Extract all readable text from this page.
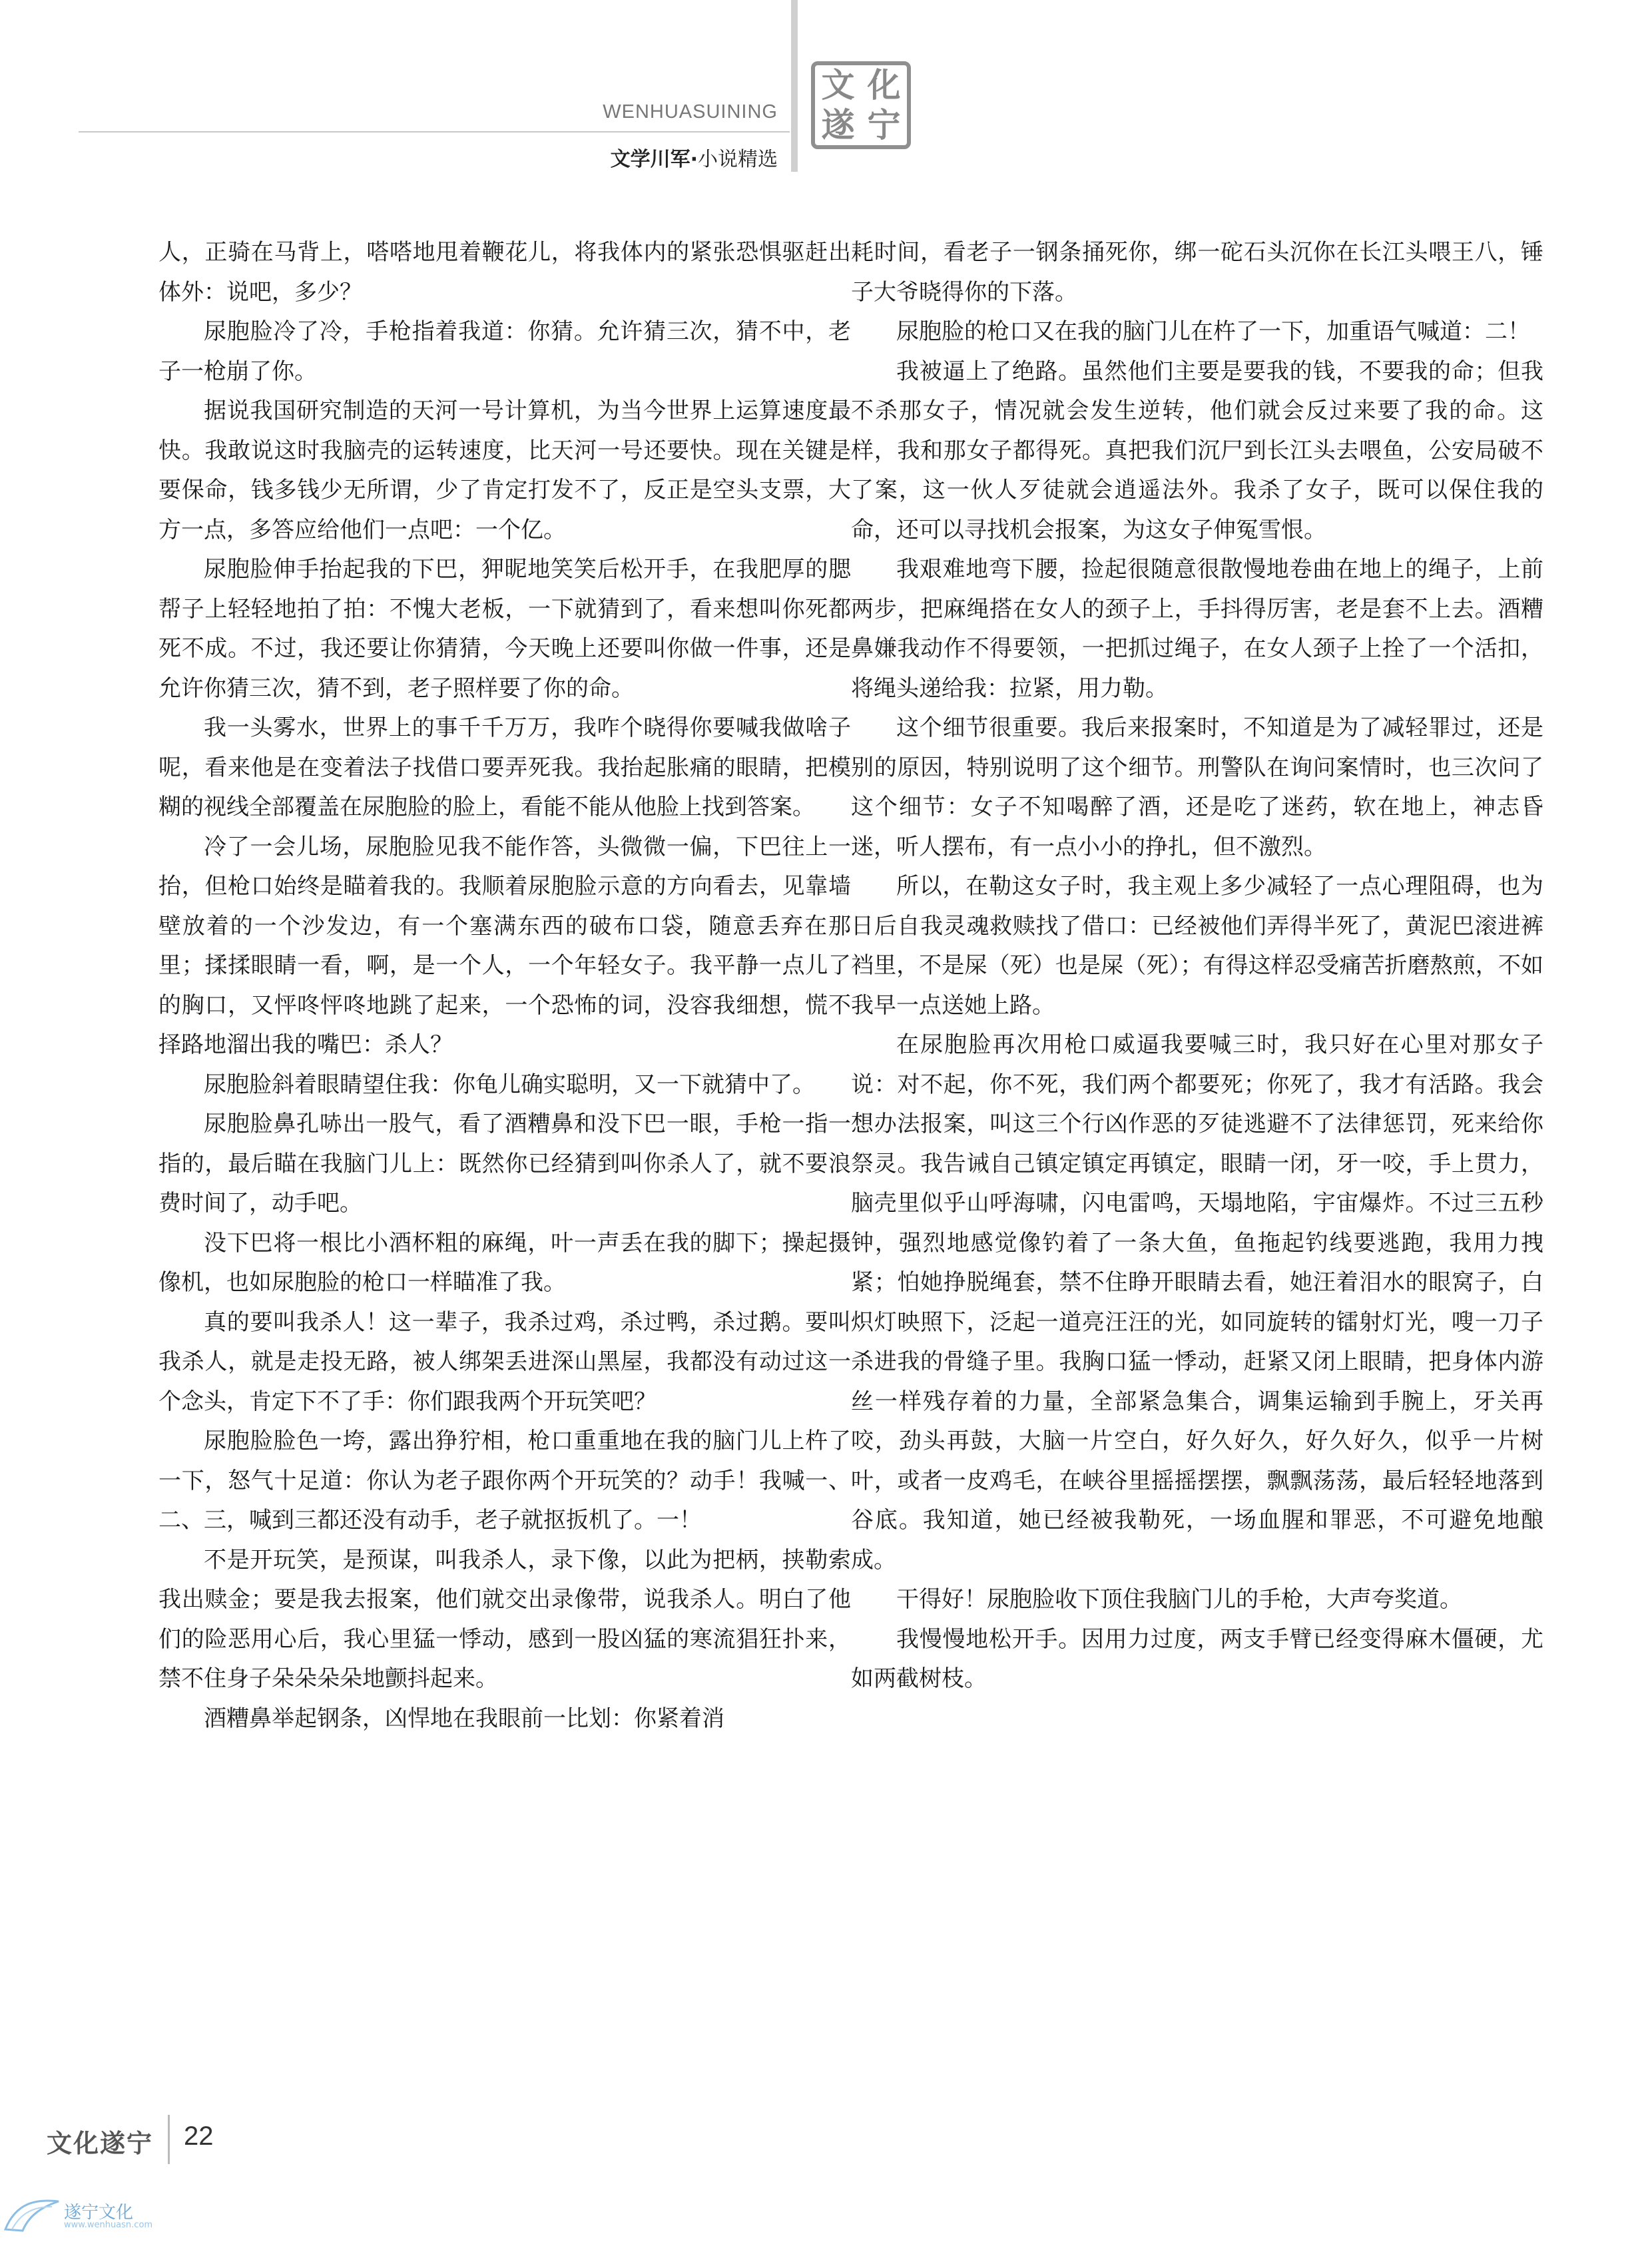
WENHUASUINING
文学川军·小说精选
文 化
遂 宁

人，正骑在马背上，嗒嗒地甩着鞭花儿，将我体内的紧张恐惧驱赶出体外：说吧，多少？

尿胞脸冷了冷，手枪指着我道：你猜。允许猜三次，猜不中，老子一枪崩了你。

据说我国研究制造的天河一号计算机，为当今世界上运算速度最快。我敢说这时我脑壳的运转速度，比天河一号还要快。现在关键是要保命，钱多钱少无所谓，少了肯定打发不了，反正是空头支票，大方一点，多答应给他们一点吧：一个亿。

尿胞脸伸手抬起我的下巴，狎昵地笑笑后松开手，在我肥厚的腮帮子上轻轻地拍了拍：不愧大老板，一下就猜到了，看来想叫你死都死不成。不过，我还要让你猜猜，今天晚上还要叫你做一件事，还是允许你猜三次，猜不到，老子照样要了你的命。

我一头雾水，世界上的事千千万万，我咋个晓得你要喊我做啥子呢，看来他是在变着法子找借口要弄死我。我抬起胀痛的眼睛，把模糊的视线全部覆盖在尿胞脸的脸上，看能不能从他脸上找到答案。

冷了一会儿场，尿胞脸见我不能作答，头微微一偏，下巴往上一抬，但枪口始终是瞄着我的。我顺着尿胞脸示意的方向看去，见靠墙壁放着的一个沙发边，有一个塞满东西的破布口袋，随意丢弃在那里；揉揉眼睛一看，啊，是一个人，一个年轻女子。我平静一点儿了的胸口，又怦咚怦咚地跳了起来，一个恐怖的词，没容我细想，慌不择路地溜出我的嘴巴：杀人？

尿胞脸斜着眼睛望住我：你龟儿确实聪明，又一下就猜中了。

尿胞脸鼻孔哧出一股气，看了酒糟鼻和没下巴一眼，手枪一指一指的，最后瞄在我脑门儿上：既然你已经猜到叫你杀人了，就不要浪费时间了，动手吧。

没下巴将一根比小酒杯粗的麻绳，叶一声丢在我的脚下；操起摄像机，也如尿胞脸的枪口一样瞄准了我。

真的要叫我杀人！这一辈子，我杀过鸡，杀过鸭，杀过鹅。要叫我杀人，就是走投无路，被人绑架丢进深山黑屋，我都没有动过这一个念头，肯定下不了手：你们跟我两个开玩笑吧？

尿胞脸脸色一垮，露出狰狞相，枪口重重地在我的脑门儿上杵了一下，怒气十足道：你认为老子跟你两个开玩笑的？动手！我喊一、二、三，喊到三都还没有动手，老子就抠扳机了。一！

不是开玩笑，是预谋，叫我杀人，录下像，以此为把柄，挟勒索我出赎金；要是我去报案，他们就交出录像带，说我杀人。明白了他们的险恶用心后，我心里猛一悸动，感到一股凶猛的寒流猖狂扑来，禁不住身子朵朵朵朵地颤抖起来。

酒糟鼻举起钢条，凶悍地在我眼前一比划：你紧着消

耗时间，看老子一钢条捅死你，绑一砣石头沉你在长江头喂王八，锤子大爷晓得你的下落。

尿胞脸的枪口又在我的脑门儿在杵了一下，加重语气喊道：二！

我被逼上了绝路。虽然他们主要是要我的钱，不要我的命；但我不杀那女子，情况就会发生逆转，他们就会反过来要了我的命。这样，我和那女子都得死。真把我们沉尸到长江头去喂鱼，公安局破不了案，这一伙人歹徒就会逍遥法外。我杀了女子，既可以保住我的命，还可以寻找机会报案，为这女子伸冤雪恨。

我艰难地弯下腰，捡起很随意很散慢地卷曲在地上的绳子，上前两步，把麻绳搭在女人的颈子上，手抖得厉害，老是套不上去。酒糟鼻嫌我动作不得要领，一把抓过绳子，在女人颈子上拴了一个活扣，将绳头递给我：拉紧，用力勒。

这个细节很重要。我后来报案时，不知道是为了减轻罪过，还是别的原因，特别说明了这个细节。刑警队在询问案情时，也三次问了这个细节：女子不知喝醉了酒，还是吃了迷药，软在地上，神志昏迷，听人摆布，有一点小小的挣扎，但不激烈。

所以，在勒这女子时，我主观上多少减轻了一点心理阻碍，也为日后自我灵魂救赎找了借口：已经被他们弄得半死了，黄泥巴滚进裤裆里，不是屎（死）也是屎（死）；有得这样忍受痛苦折磨熬煎，不如我早一点送她上路。

在尿胞脸再次用枪口威逼我要喊三时，我只好在心里对那女子说：对不起，你不死，我们两个都要死；你死了，我才有活路。我会想办法报案，叫这三个行凶作恶的歹徒逃避不了法律惩罚，死来给你祭灵。我告诫自己镇定镇定再镇定，眼睛一闭，牙一咬，手上贯力，脑壳里似乎山呼海啸，闪电雷鸣，天塌地陷，宇宙爆炸。不过三五秒钟，强烈地感觉像钓着了一条大鱼，鱼拖起钓线要逃跑，我用力拽紧；怕她挣脱绳套，禁不住睁开眼睛去看，她汪着泪水的眼窝子，白炽灯映照下，泛起一道亮汪汪的光，如同旋转的镭射灯光，嗖一刀子杀进我的骨缝子里。我胸口猛一悸动，赶紧又闭上眼睛，把身体内游丝一样残存着的力量，全部紧急集合，调集运输到手腕上，牙关再咬，劲头再鼓，大脑一片空白，好久好久，好久好久，似乎一片树叶，或者一皮鸡毛，在峡谷里摇摇摆摆，飘飘荡荡，最后轻轻地落到谷底。我知道，她已经被我勒死，一场血腥和罪恶，不可避免地酿成。

干得好！尿胞脸收下顶住我脑门儿的手枪，大声夸奖道。

我慢慢地松开手。因用力过度，两支手臂已经变得麻木僵硬，尤如两截树枝。

文化遂宁 22
遂宁文化
www.wenhuasn.com
